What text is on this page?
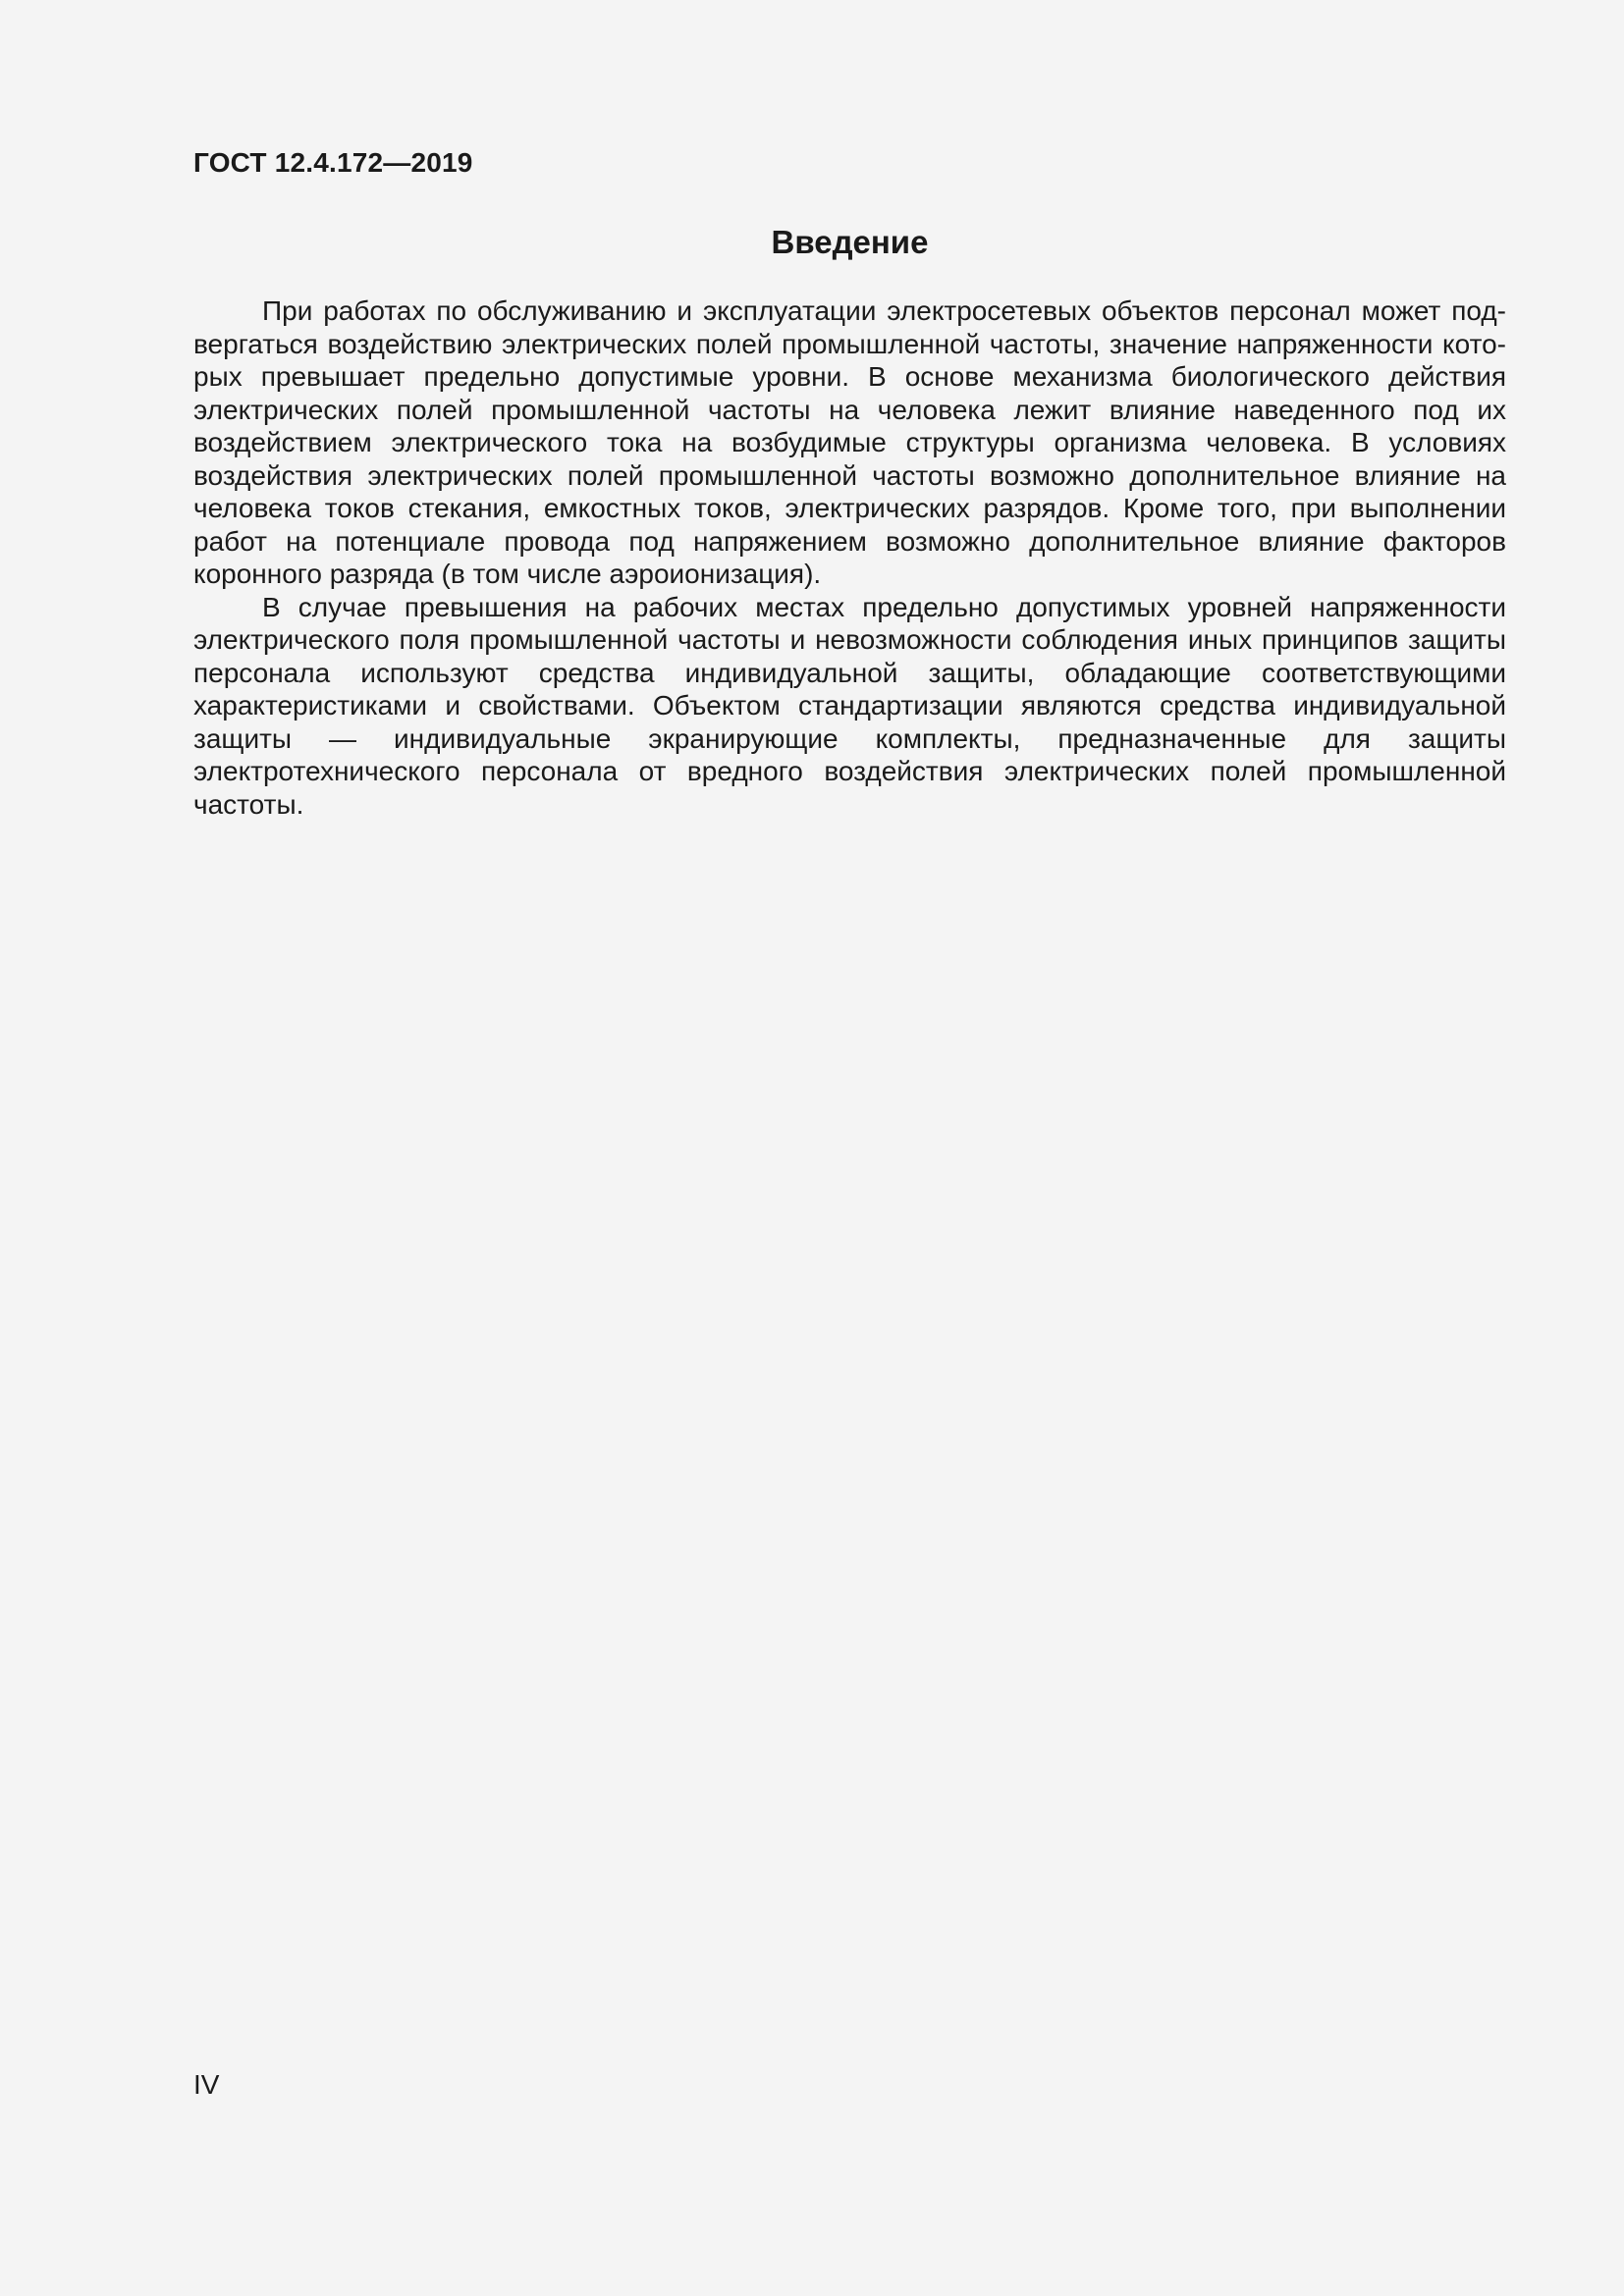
ГОСТ 12.4.172—2019
Введение

При работах по обслуживанию и эксплуатации электросетевых объектов персонал может подвергаться воздействию электрических полей промышленной частоты, значение напряженности которых превышает предельно допустимые уровни. В основе механизма биологического действия электрических полей промышленной частоты на человека лежит влияние наведенного под их воздействием электрического тока на возбудимые структуры организма человека. В условиях воздействия электрических полей промышленной частоты возможно дополнительное влияние на человека токов стекания, емкостных токов, электрических разрядов. Кроме того, при выполнении работ на потенциале провода под напряжением возможно дополнительное влияние факторов коронного разряда (в том числе аэроионизация).

В случае превышения на рабочих местах предельно допустимых уровней напряженности электрического поля промышленной частоты и невозможности соблюдения иных принципов защиты персонала используют средства индивидуальной защиты, обладающие соответствующими характеристиками и свойствами. Объектом стандартизации являются средства индивидуальной защиты — индивидуальные экранирующие комплекты, предназначенные для защиты электротехнического персонала от вредного воздействия электрических полей промышленной частоты.

IV
